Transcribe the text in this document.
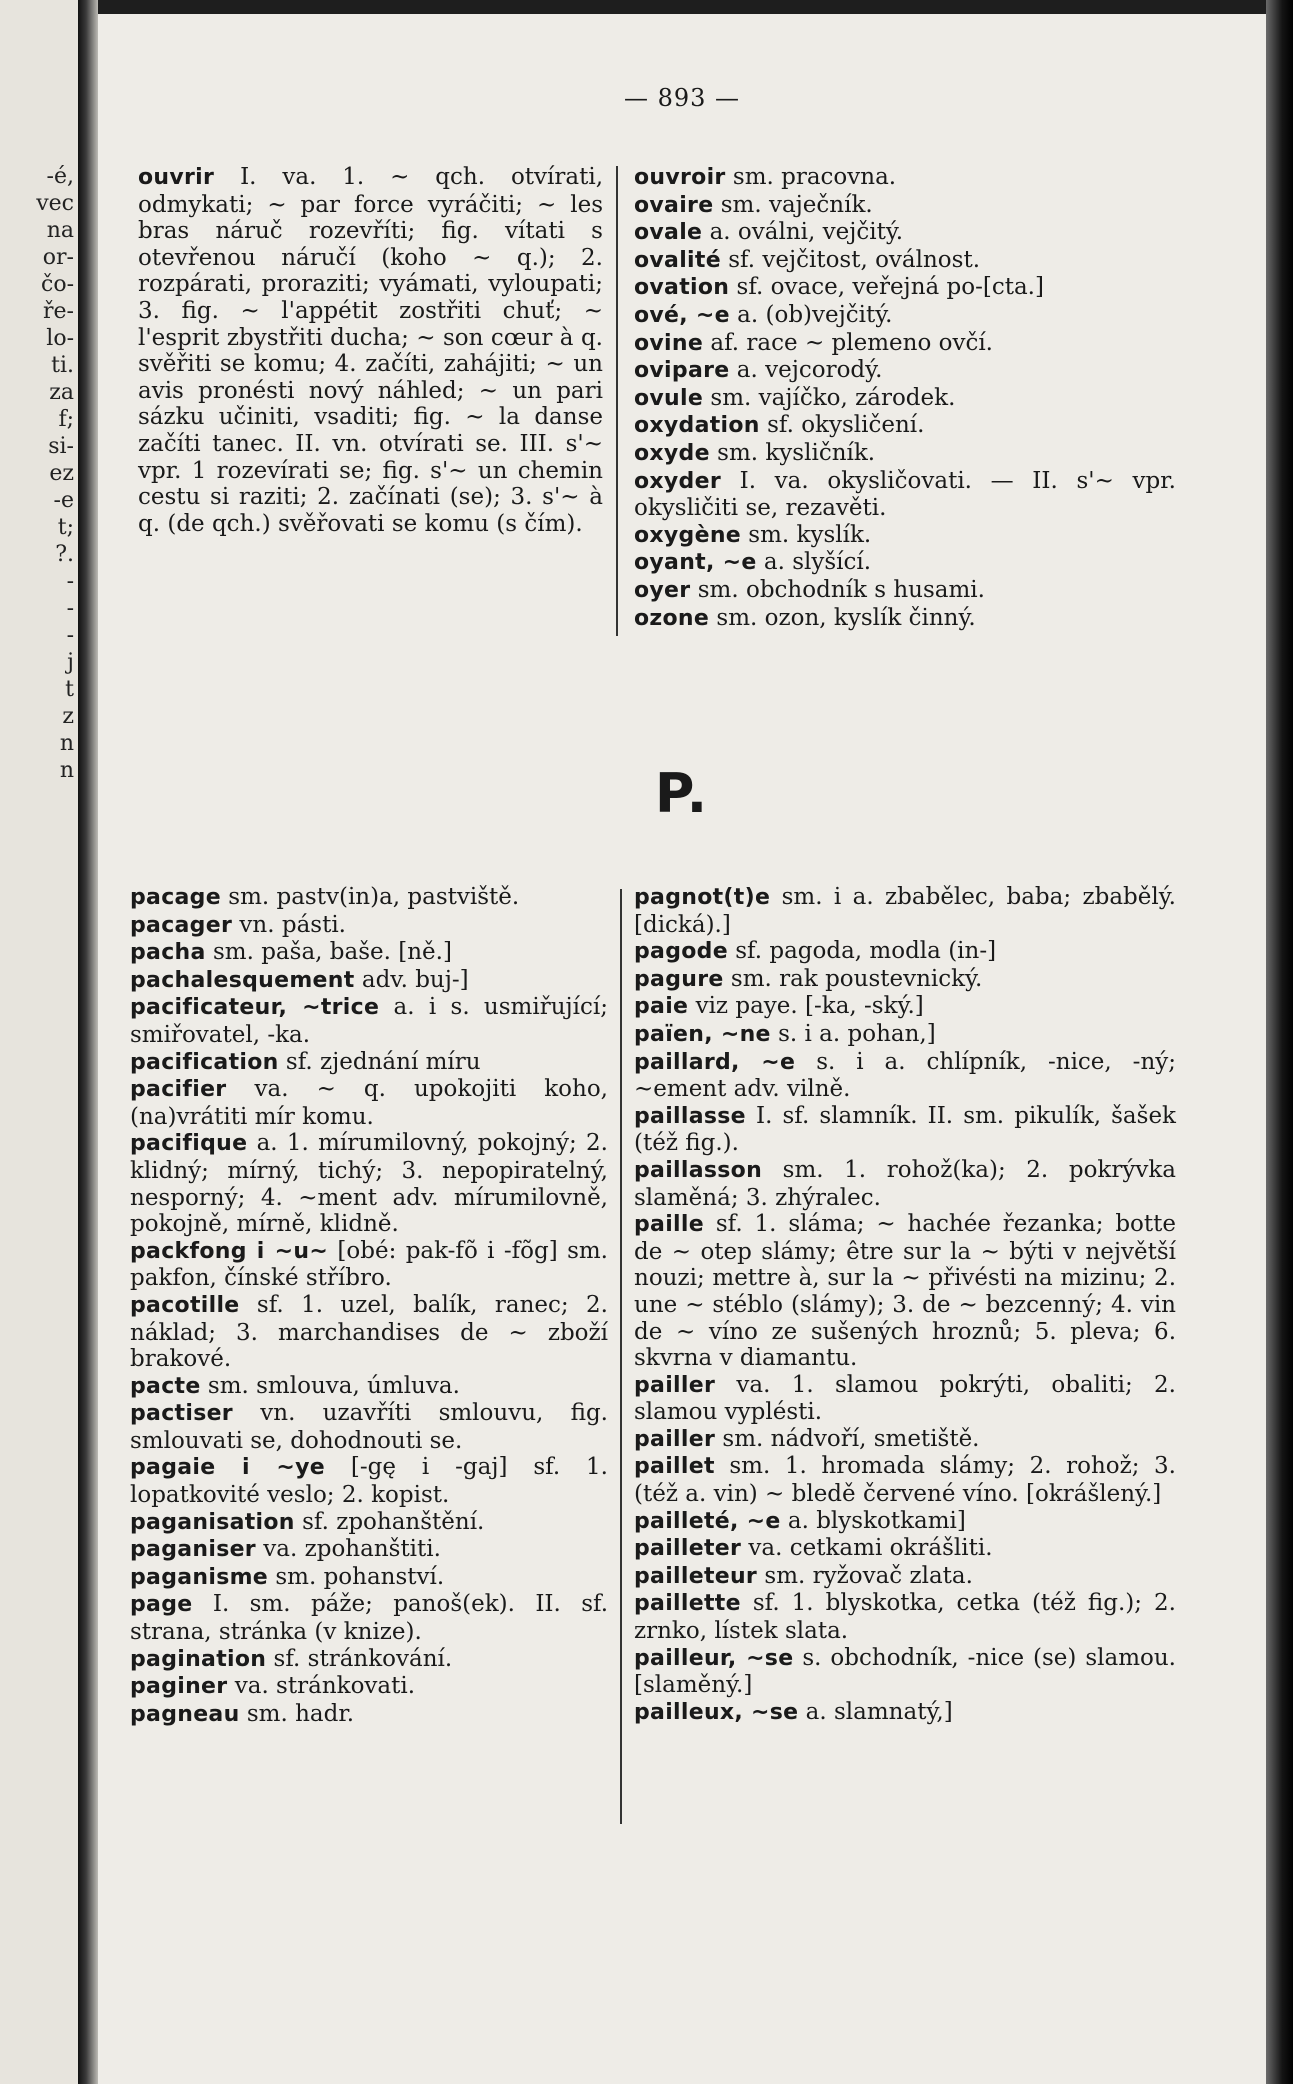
-é,
vec
na
or-
čo-
ře-
lo-
ti.
za
f;
si-
ez
-e
t;
?.
-
-
-
j
t
z
n
n
— 893 —

ouvrir I. va. 1. ~ qch. otvírati, odmykati; ~ par force vyráčiti; ~ les bras náruč rozevříti; fig. vítati s otevřenou náručí (koho ~ q.); 2. rozpárati, proraziti; vyámati, vyloupati; 3. fig. ~ l'appétit zostřiti chuť; ~ l'esprit zbystřiti ducha; ~ son cœur à q. svěřiti se komu; 4. začíti, zahájiti; ~ un avis pronésti nový náhled; ~ un pari sázku učiniti, vsaditi; fig. ~ la danse začíti tanec. II. vn. otvírati se. III. s'~ vpr. 1 rozevírati se; fig. s'~ un chemin cestu si raziti; 2. začínati (se); 3. s'~ à q. (de qch.) svěřovati se komu (s čím).

ouvroir sm. pracovna.

ovaire sm. vaječník.

ovale a. oválni, vejčitý.

ovalité sf. vejčitost, oválnost.

ovation sf. ovace, veřejná po-[cta.]

ové, ~e a. (ob)vejčitý.

ovine af. race ~ plemeno ovčí.

ovipare a. vejcorodý.

ovule sm. vajíčko, zárodek.

oxydation sf. okysličení.

oxyde sm. kysličník.

oxyder I. va. okysličovati. — II. s'~ vpr. okysličiti se, rezavěti.

oxygène sm. kyslík.

oyant, ~e a. slyšící.

oyer sm. obchodník s husami.

ozone sm. ozon, kyslík činný.

P.

pacage sm. pastv(in)a, pastviště.

pacager vn. pásti.

pacha sm. paša, baše. [ně.]

pachalesquement adv. buj-]

pacificateur, ~trice a. i s. usmiřující; smiřovatel, -ka.

pacification sf. zjednání míru

pacifier va. ~ q. upokojiti koho, (na)vrátiti mír komu.

pacifique a. 1. mírumilovný, pokojný; 2. klidný; mírný, tichý; 3. nepopiratelný, nesporný; 4. ~ment adv. mírumilovně, pokojně, mírně, klidně.

packfong i ~u~ [obé: pak-fõ i -fõg] sm. pakfon, čínské stříbro.

pacotille sf. 1. uzel, balík, ranec; 2. náklad; 3. marchandises de ~ zboží brakové.

pacte sm. smlouva, úmluva.

pactiser vn. uzavříti smlouvu, fig. smlouvati se, dohodnouti se.

pagaie i ~ye [-gę i -gaj] sf. 1. lopatkovité veslo; 2. kopist.

paganisation sf. zpohanštění.

paganiser va. zpohanštiti.

paganisme sm. pohanství.

page I. sm. páže; panoš(ek). II. sf. strana, stránka (v knize).

pagination sf. stránkování.

paginer va. stránkovati.

pagneau sm. hadr.

pagnot(t)e sm. i a. zbabělec, baba; zbabělý. [dická).]

pagode sf. pagoda, modla (in-]

pagure sm. rak poustevnický.

paie viz paye. [-ka, -ský.]

païen, ~ne s. i a. pohan,]

paillard, ~e s. i a. chlípník, -nice, -ný; ~ement adv. vilně.

paillasse I. sf. slamník. II. sm. pikulík, šašek (též fig.).

paillasson sm. 1. rohož(ka); 2. pokrývka slaměná; 3. zhýralec.

paille sf. 1. sláma; ~ hachée řezanka; botte de ~ otep slámy; être sur la ~ býti v největší nouzi; mettre à, sur la ~ přivésti na mizinu; 2. une ~ stéblo (slámy); 3. de ~ bezcenný; 4. vin de ~ víno ze sušených hroznů; 5. pleva; 6. skvrna v diamantu.

pailler va. 1. slamou pokrýti, obaliti; 2. slamou vyplésti.

pailler sm. nádvoří, smetiště.

paillet sm. 1. hromada slámy; 2. rohož; 3. (též a. vin) ~ bledě červené víno. [okrášlený.]

pailleté, ~e a. blyskotkami]

pailleter va. cetkami okrášliti.

pailleteur sm. ryžovač zlata.

paillette sf. 1. blyskotka, cetka (též fig.); 2. zrnko, lístek slata.

pailleur, ~se s. obchodník, -nice (se) slamou. [slaměný.]

pailleux, ~se a. slamnatý,]
